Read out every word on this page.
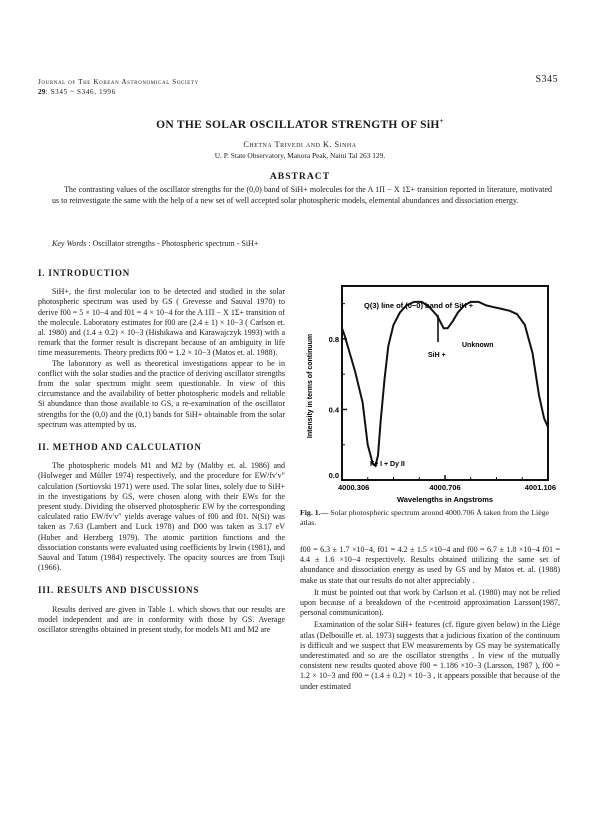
Journal of The Korean Astronomical Society
29: S345 ~ S346, 1996
S345
ON THE SOLAR OSCILLATOR STRENGTH OF SiH+
Chetna Trivedi and K. Sinha
U. P. State Observatory, Manora Peak, Naini Tal 263 129.
ABSTRACT
The contrasting values of the oscillator strengths for the (0,0) band of SiH+ molecules for the A 1Π − X 1Σ+ transition reported in literature, motivated us to reinvestigate the same with the help of a new set of well accepted solar photospheric models, elemental abundances and dissociation energy.
Key Words : Oscillator strengths - Photospheric spectrum - SiH+
I. INTRODUCTION

SiH+, the first molecular ion to be detected and studied in the solar photospheric spectrum was used by GS ( Grevesse and Sauval 1970) to derive f00 = 5 × 10−4 and f01 = 4 × 10−4 for the A 1Π − X 1Σ+ transition of the molecule. Laboratory estimates for f00 are (2.4 ± 1) × 10−3 ( Carlson et. al. 1980) and (1.4 ± 0.2) × 10−3 (Hishikawa and Karawajczyk 1993) with a remark that the former result is discrepant because of an ambiguity in life time measurements. Theory predicts f00 = 1.2 × 10−3 (Matos et. al. 1988).

The laboratory as well as theoretical investigations appear to be in conflict with the solar studies and the practice of deriving oscillator strengths from the solar spectrum might seem questionable. In view of this circumstance and the availability of better photospheric models and reliable Si abundance than those available to GS, a re-examination of the oscillator strengths for the (0,0) and the (0,1) bands for SiH+ obtainable from the solar spectrum was attempted by us.

II. METHOD AND CALCULATION

The photospheric models M1 and M2 by (Maltby et. al. 1986) and (Holweger and Müller 1974) respectively, and the procedure for EW/fv′v″ calculation (Sortiovski 1971) were used. The solar lines, solely due to SiH+ in the investigations by GS, were chosen along with their EWs for the present study. Dividing the observed photospheric EW by the corresponding calculated ratio EW/fv′v″ yields average values of f00 and f01. N(Si) was taken as 7.63 (Lambert and Luck 1978) and D00 was taken as 3.17 eV (Huber and Herzberg 1979). The atomic partition functions and the dissociation constants were evaluated using coefficients by Irwin (1981), and Sauval and Tatum (1984) respectively. The opacity sources are from Tsuji (1966).

III. RESULTS AND DISCUSSIONS

Results derived are given in Table 1. which shows that our results are model independent and are in conformity with those by GS. Average oscillator strengths obtained in present study, for models M1 and M2 are

0.8
0.4
0.0
4000.306	4000.706	4001.106
Intensity in terms of continuum
Wavelengths in Angstroms
Q(3) line of (0−0) band of SiH +
Unknown
SiH +
Fe I + Dy II
Fig. 1.— Solar photospheric spectrum around 4000.706 Å taken from the Liège atlas.

f00 = 6.3 ± 1.7 ×10−4, f01 = 4.2 ± 1.5 ×10−4 and f00 = 6.7 ± 1.8 ×10−4 f01 = 4.4 ± 1.6 ×10−4 respectively. Results obtained utilizing the same set of abundance and dissociation energy as used by GS and by Matos et. al. (1988) make us state that our results do not alter appreciably .

It must be pointed out that work by Carlson et al. (1980) may not be relied upon because of a breakdown of the r-centroid approximation Larsson(1987, personal communication).

Examination of the solar SiH+ features (cf. figure given below) in the Liège atlas (Delbouille et. al. 1973) suggests that a judicious fixation of the continuum is difficult and we suspect that EW measurements by GS may be systematically underestimated and so are the oscillator strengths . In view of the mutually consistent new results quoted above f00 = 1.186 ×10−3 (Larsson, 1987 ), f00 = 1.2 × 10−3 and f00 = (1.4 ± 0.2) × 10−3 , it appears possible that because of the under estimated
